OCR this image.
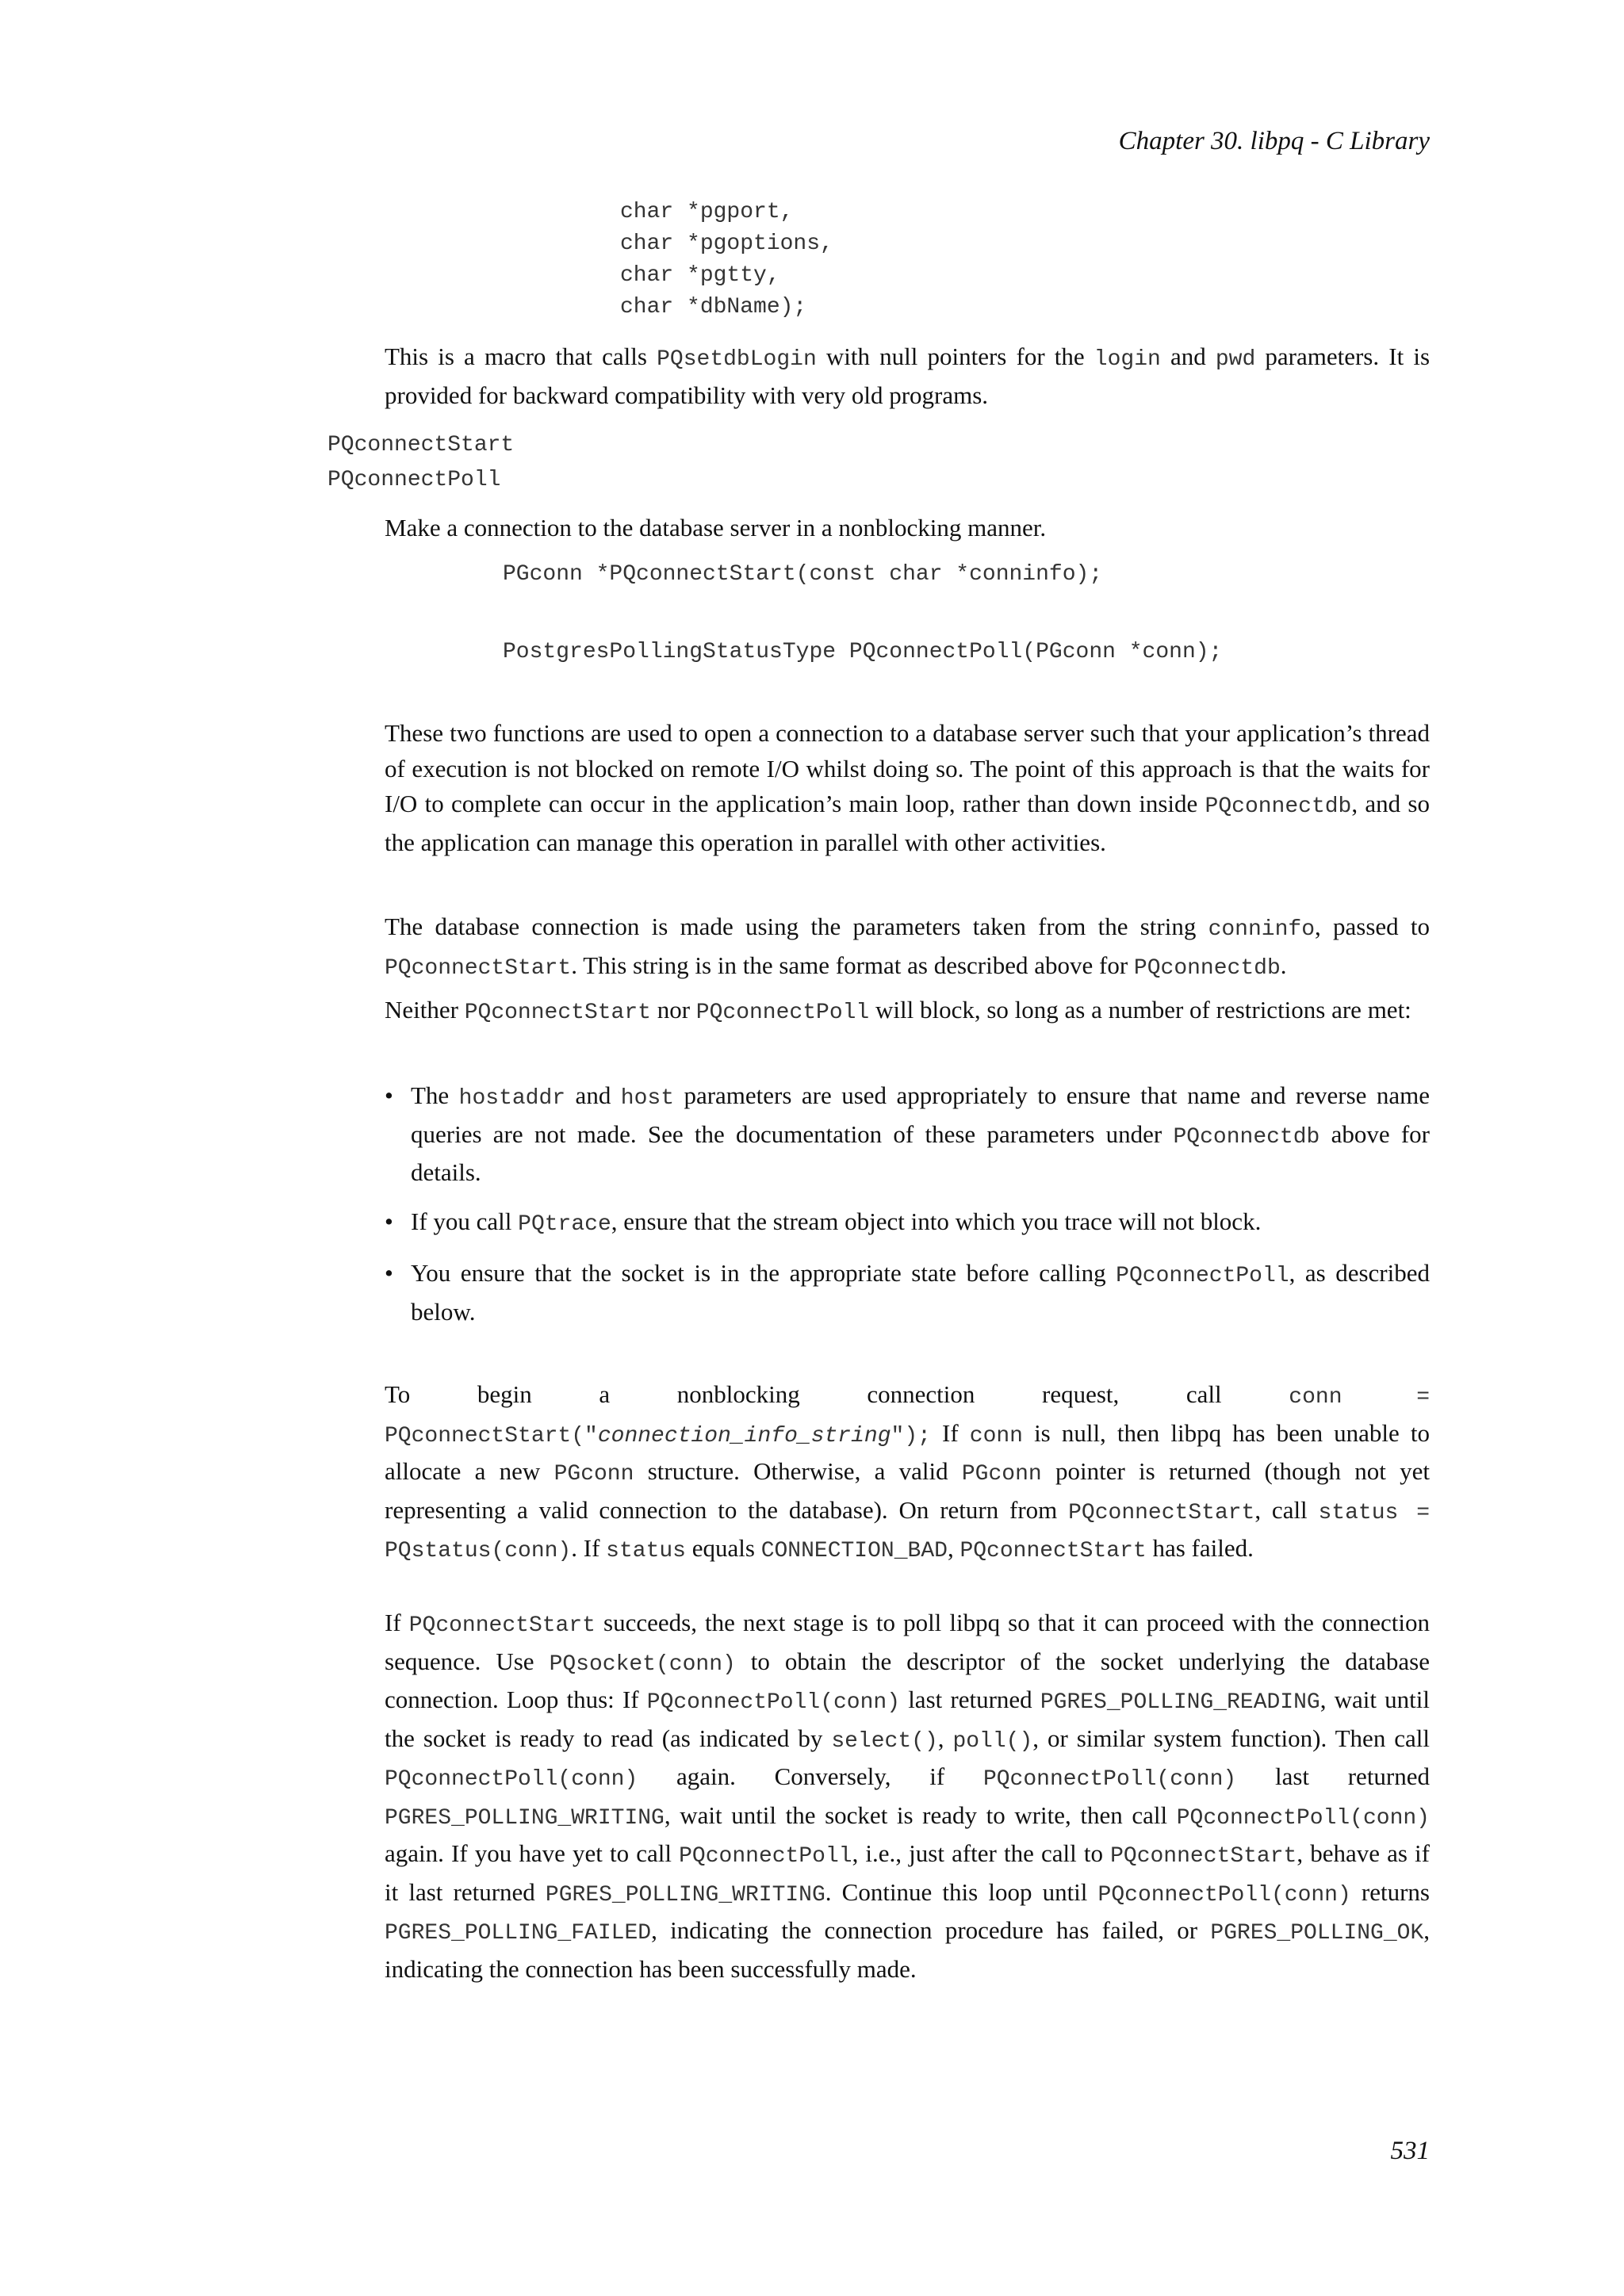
Chapter 30. libpq - C Library
char *pgport,
char *pgoptions,
char *pgtty,
char *dbName);

This is a macro that calls PQsetdbLogin with null pointers for the login and pwd parameters. It is provided for backward compatibility with very old programs.

PQconnectStart
PQconnectPoll

Make a connection to the database server in a nonblocking manner.

PGconn *PQconnectStart(const char *conninfo);
PostgresPollingStatusType PQconnectPoll(PGconn *conn);

These two functions are used to open a connection to a database server such that your application’s thread of execution is not blocked on remote I/O whilst doing so. The point of this approach is that the waits for I/O to complete can occur in the application’s main loop, rather than down inside PQconnectdb, and so the application can manage this operation in parallel with other activities.

The database connection is made using the parameters taken from the string conninfo, passed to PQconnectStart. This string is in the same format as described above for PQconnectdb.

Neither PQconnectStart nor PQconnectPoll will block, so long as a number of restrictions are met:

• The hostaddr and host parameters are used appropriately to ensure that name and reverse name queries are not made. See the documentation of these parameters under PQconnectdb above for details.
• If you call PQtrace, ensure that the stream object into which you trace will not block.
• You ensure that the socket is in the appropriate state before calling PQconnectPoll, as described below.

To begin a nonblocking connection request, call conn = PQconnectStart("connection_info_string"); If conn is null, then libpq has been unable to allocate a new PGconn structure. Otherwise, a valid PGconn pointer is returned (though not yet representing a valid connection to the database). On return from PQconnectStart, call status = PQstatus(conn). If status equals CONNECTION_BAD, PQconnectStart has failed.

If PQconnectStart succeeds, the next stage is to poll libpq so that it can proceed with the connection sequence. Use PQsocket(conn) to obtain the descriptor of the socket underlying the database connection. Loop thus: If PQconnectPoll(conn) last returned PGRES_POLLING_READING, wait until the socket is ready to read (as indicated by select(), poll(), or similar system function). Then call PQconnectPoll(conn) again. Conversely, if PQconnectPoll(conn) last returned PGRES_POLLING_WRITING, wait until the socket is ready to write, then call PQconnectPoll(conn) again. If you have yet to call PQconnectPoll, i.e., just after the call to PQconnectStart, behave as if it last returned PGRES_POLLING_WRITING. Continue this loop until PQconnectPoll(conn) returns PGRES_POLLING_FAILED, indicating the connection procedure has failed, or PGRES_POLLING_OK, indicating the connection has been successfully made.

531
